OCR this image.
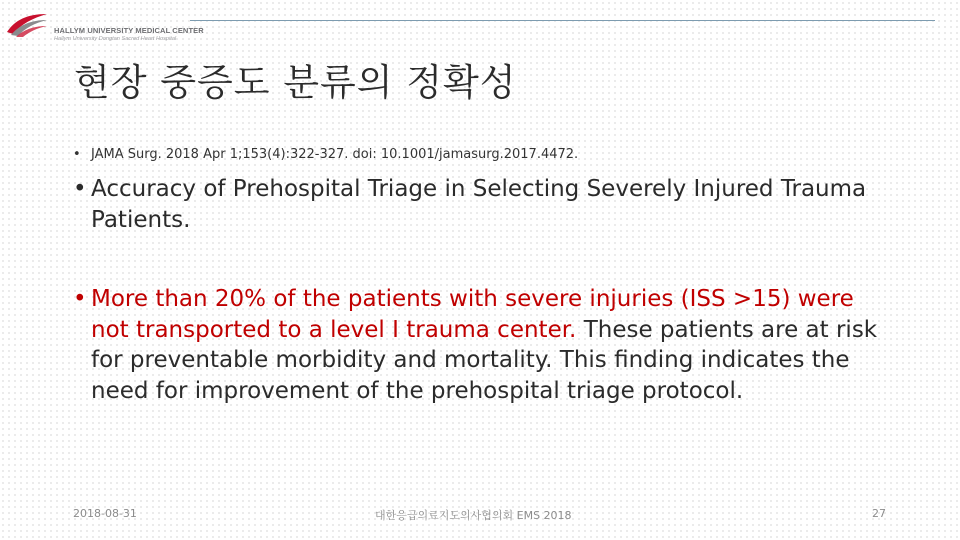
HALLYM UNIVERSITY MEDICAL CENTER
Hallym University Dongtan Sacred Heart Hospital
현장 중증도 분류의 정확성

• JAMA Surg. 2018 Apr 1;153(4):322-327. doi: 10.1001/jamasurg.2017.4472.

• Accuracy of Prehospital Triage in Selecting Severely Injured Trauma Patients.

• More than 20% of the patients with severe injuries (ISS >15) were not transported to a level I trauma center. These patients are at risk for preventable morbidity and mortality. This finding indicates the need for improvement of the prehospital triage protocol.

2018-08-31	대한응급의료지도의사협의회 EMS 2018	27
